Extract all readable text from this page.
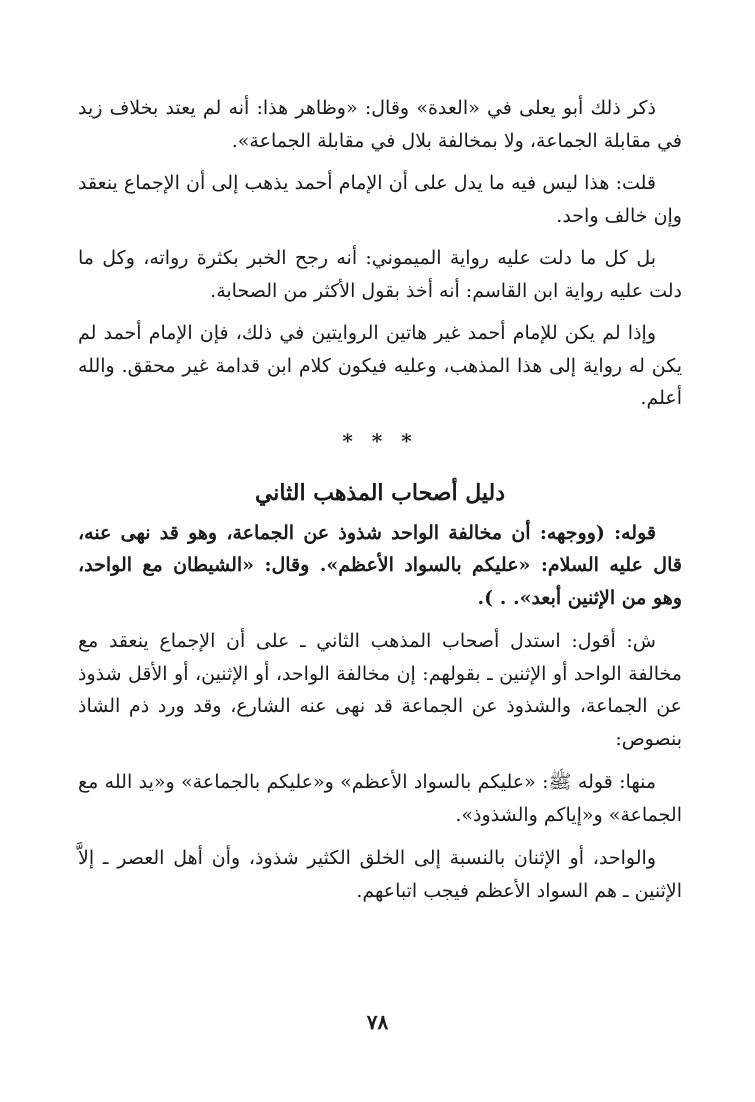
ذكر ذلك أبو يعلى في «العدة» وقال: «وظاهر هذا: أنه لم يعتد بخلاف زيد في مقابلة الجماعة، ولا بمخالفة بلال في مقابلة الجماعة».

قلت: هذا ليس فيه ما يدل على أن الإمام أحمد يذهب إلى أن الإجماع ينعقد وإن خالف واحد.

بل كل ما دلت عليه رواية الميموني: أنه رجح الخبر بكثرة رواته، وكل ما دلت عليه رواية ابن القاسم: أنه أخذ بقول الأكثر من الصحابة.

وإذا لم يكن للإمام أحمد غير هاتين الروايتين في ذلك، فإن الإمام أحمد لم يكن له رواية إلى هذا المذهب، وعليه فيكون كلام ابن قدامة غير محقق. والله أعلم.

* * *
دليل أصحاب المذهب الثاني

قوله: (ووجهه: أن مخالفة الواحد شذوذ عن الجماعة، وهو قد نهى عنه، قال عليه السلام: «عليكم بالسواد الأعظم». وقال: «الشيطان مع الواحد، وهو من الإثنين أبعد». . ).

ش: أقول: استدل أصحاب المذهب الثاني ـ على أن الإجماع ينعقد مع مخالفة الواحد أو الإثنين ـ بقولهم: إن مخالفة الواحد، أو الإثنين، أو الأقل شذوذ عن الجماعة، والشذوذ عن الجماعة قد نهى عنه الشارع، وقد ورد ذم الشاذ بنصوص:

منها: قوله ﷺ: «عليكم بالسواد الأعظم» و«عليكم بالجماعة» و«يد الله مع الجماعة» و«إياكم والشذوذ».

والواحد، أو الإثنان بالنسبة إلى الخلق الكثير شذوذ، وأن أهل العصر ـ إلاَّ الإثنين ـ هم السواد الأعظم فيجب اتباعهم.

٧٨
